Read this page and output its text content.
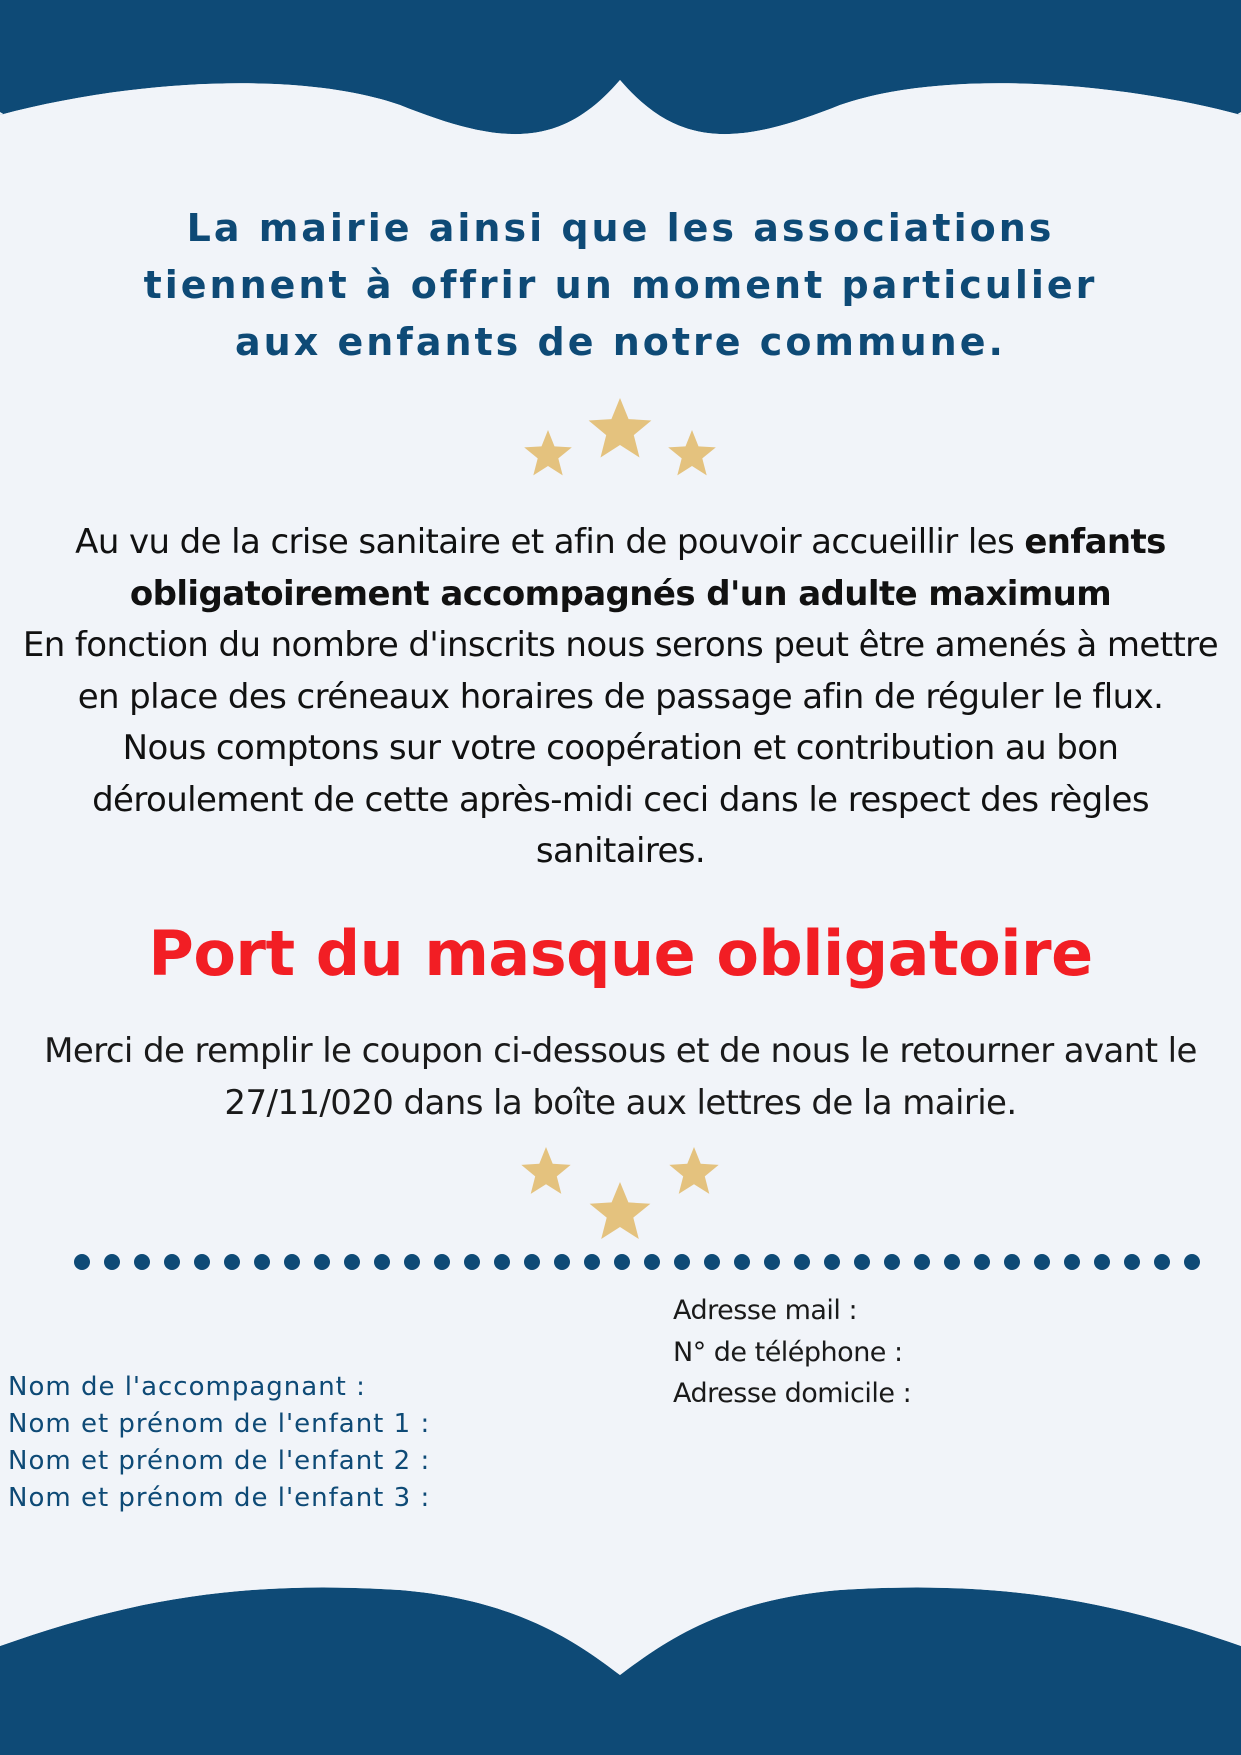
La mairie ainsi que les associations
tiennent à offrir un moment particulier
aux enfants de notre commune.
Au vu de la crise sanitaire et afin de pouvoir accueillir les enfants obligatoirement accompagnés d'un adulte maximum
En fonction du nombre d'inscrits nous serons peut être amenés à mettre en place des créneaux horaires de passage afin de réguler le flux.
Nous comptons sur votre coopération et contribution au bon déroulement de cette après-midi ceci dans le respect des règles sanitaires.
Port du masque obligatoire
Merci de remplir le coupon ci-dessous et de nous le retourner avant le 27/11/020 dans la boîte aux lettres de la mairie.
Adresse mail :
N° de téléphone :
Adresse domicile :
Nom de l'accompagnant :
Nom et prénom de l'enfant 1 :
Nom et prénom de l'enfant 2 :
Nom et prénom de l'enfant 3 :
